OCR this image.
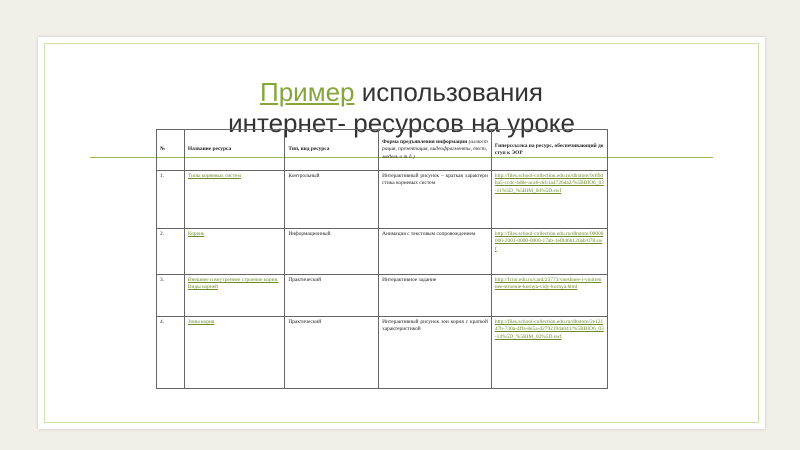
Пример использования
интернет- ресурсов на уроке
№	Название ресурса	Тип, вид ресурса	Форма предъявления информации (иллюстрация, презентация, видеофрагменты, тест, модель и т.д.)	Гиперссылка на ресурс, обеспечивающий доступ к ЭОР
1.	Типы корневых систем	Контрольный	Интерактивный рисунок – краткая характеристика корневых систем	http://files.school-collection.edu.ru/dlrstore/9c89dba5-ccdc-4d8e-aca6-dcb1a4726da2/%5BBIO6_03-11%5D_%5BIM_04%5D.swf
2.	Корень	Информационный	Анимация с текстовым сопровождением	http://files.school-collection.edu.ru/dlrstore/00000000-2001-0000-0000-17ab-1ef846b126ab/078.swf
3.	Внешнее и внутреннее строение корня. Виды корней	Практический	Интерактивное задание	http://fcior.edu.ru/card/23773/vneshnee-i-vnutrennee-stroenie-kornya-vidy-kornya.html
4.	Зоны корня	Практический	Интерактивный рисунок зон корня с краткой характеристикой	http://files.school-collection.edu.ru/dlrstore/2e12147b-730a-4ffa-8e5a-d2792194a041/%5BBIO6_03-14%5D_%5BIM_02%5D.swf
